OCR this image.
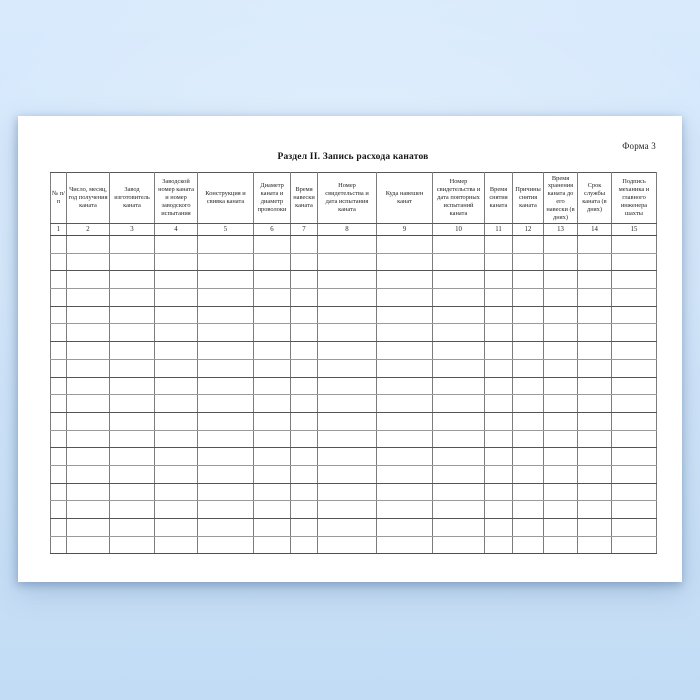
Форма 3
Раздел II. Запись расхода канатов
№ п/п	Число, месяц, год получения каната	Завод изготовитель каната	Заводской номер каната и номер заводского испытания	Конструкция и свивка каната	Диаметр каната и диаметр проволоки	Время навески каната	Номер свидетельства и дата испытания каната	Куда навешен канат	Номер свидетельства и дата повторных испытаний каната	Время снятия каната	Причины снятия каната	Время хранения каната до его навески (в днях)	Срок службы каната (в днях)	Подпись механика и главного инженера шахты
1	2	3	4	5	6	7	8	9	10	11	12	13	14	15
